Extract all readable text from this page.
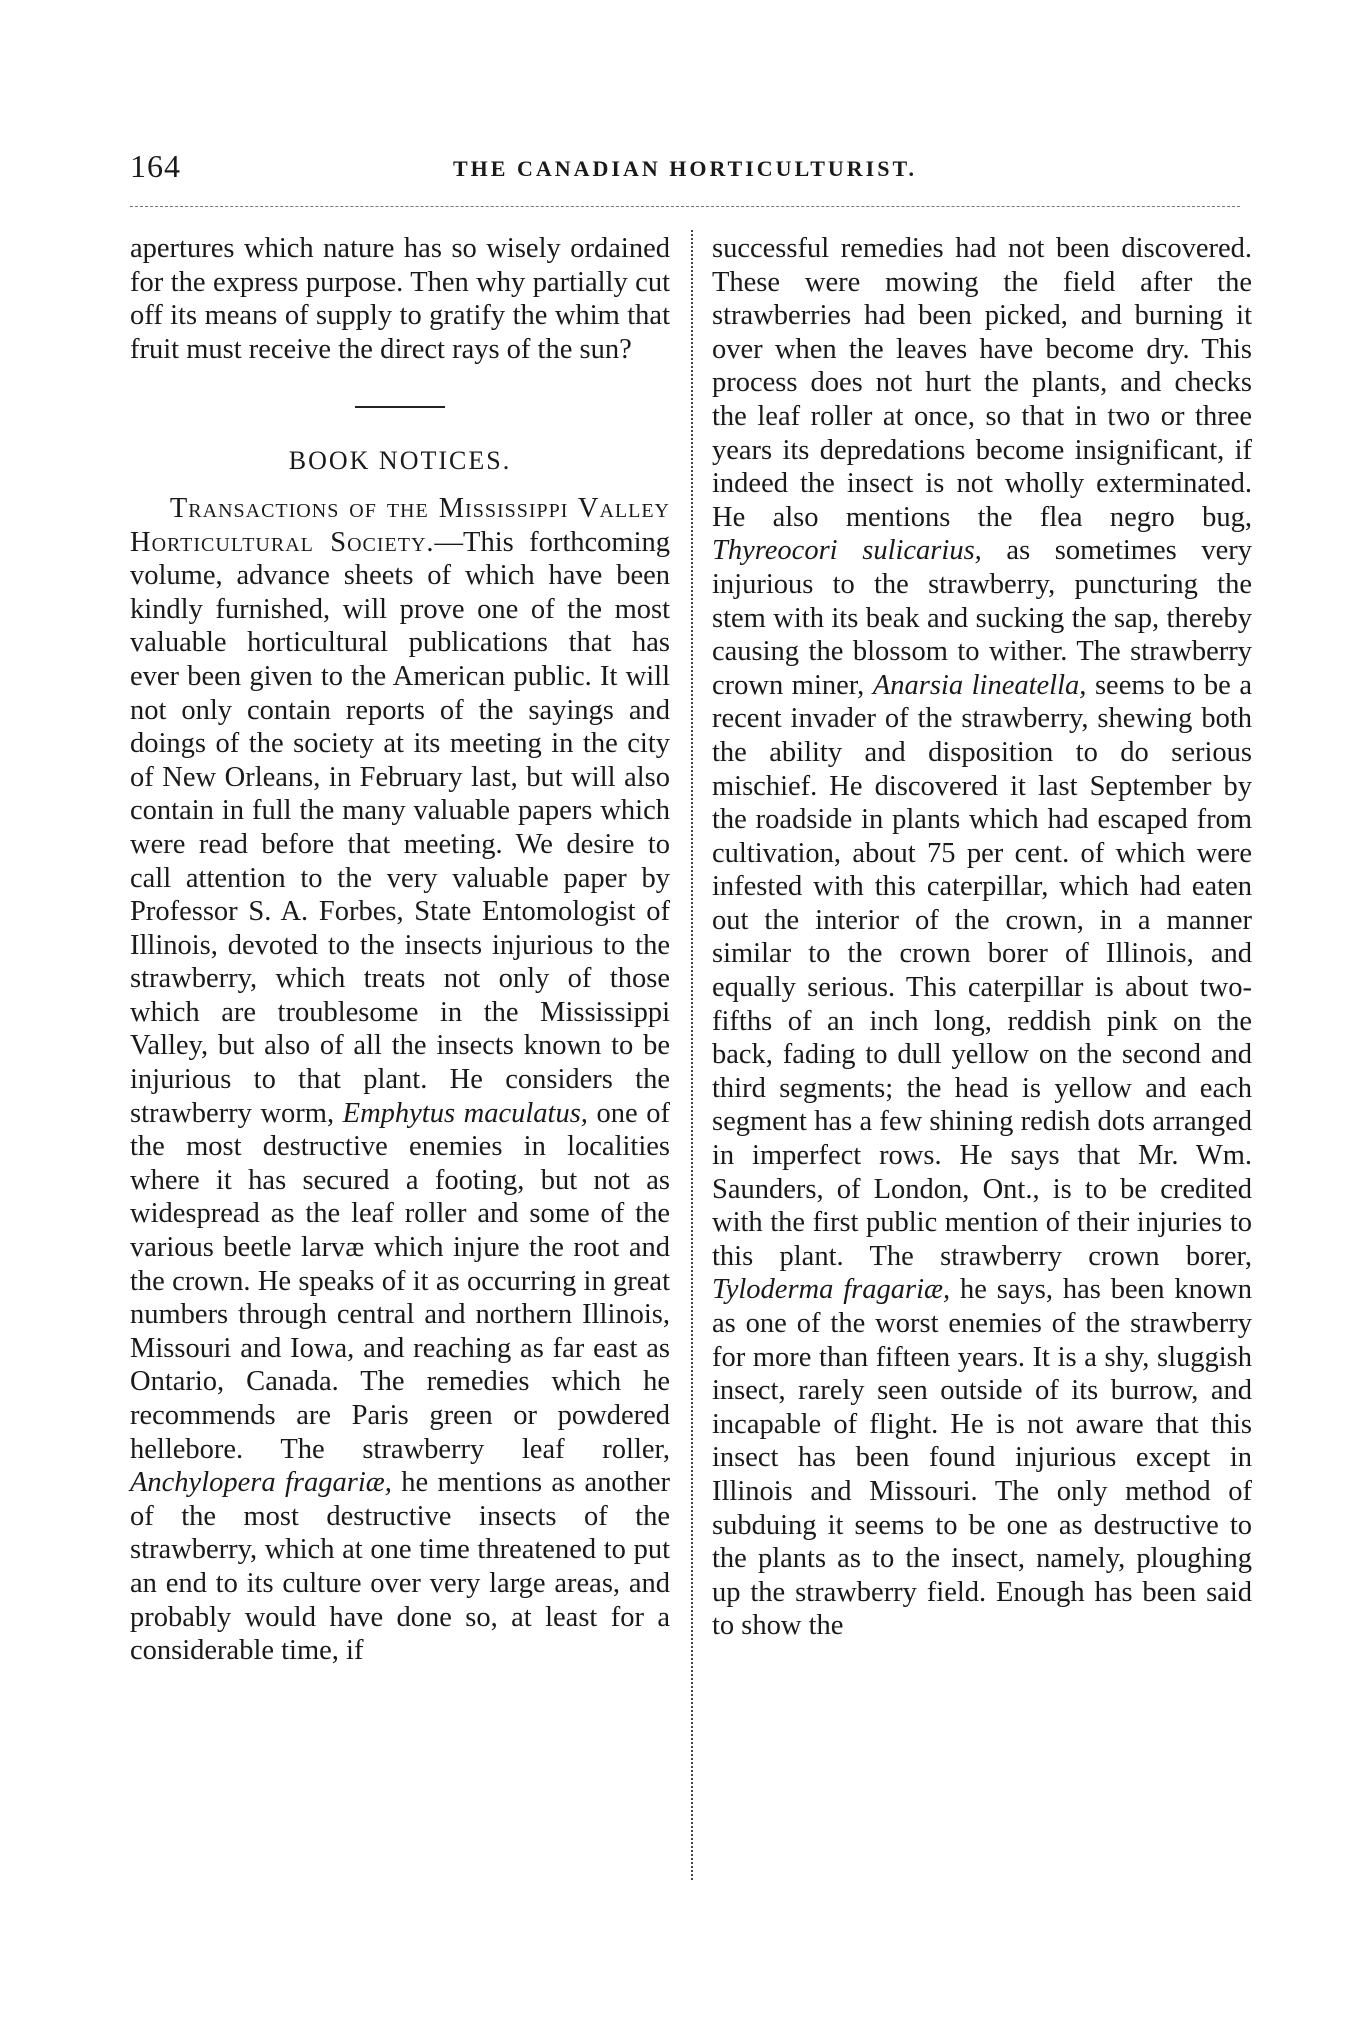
164	THE CANADIAN HORTICULTURIST.

apertures which nature has so wisely ordained for the express purpose. Then why partially cut off its means of supply to gratify the whim that fruit must receive the direct rays of the sun?

BOOK NOTICES.

Transactions of the Mississippi Valley Horticultural Society.—This forthcoming volume, advance sheets of which have been kindly furnished, will prove one of the most valuable horticultural publications that has ever been given to the American public. It will not only contain reports of the sayings and doings of the society at its meeting in the city of New Orleans, in February last, but will also contain in full the many valuable papers which were read before that meeting. We desire to call attention to the very valuable paper by Professor S. A. Forbes, State Entomologist of Illinois, devoted to the insects injurious to the strawberry, which treats not only of those which are troublesome in the Mississippi Valley, but also of all the insects known to be injurious to that plant. He considers the strawberry worm, Emphytus maculatus, one of the most destructive enemies in localities where it has secured a footing, but not as widespread as the leaf roller and some of the various beetle larvæ which injure the root and the crown. He speaks of it as occurring in great numbers through central and northern Illinois, Missouri and Iowa, and reaching as far east as Ontario, Canada. The remedies which he recommends are Paris green or powdered hellebore. The strawberry leaf roller, Anchylopera fragariæ, he mentions as another of the most destructive insects of the strawberry, which at one time threatened to put an end to its culture over very large areas, and probably would have done so, at least for a considerable time, if

successful remedies had not been discovered. These were mowing the field after the strawberries had been picked, and burning it over when the leaves have become dry. This process does not hurt the plants, and checks the leaf roller at once, so that in two or three years its depredations become insignificant, if indeed the insect is not wholly exterminated. He also mentions the flea negro bug, Thyreocori sulicarius, as sometimes very injurious to the strawberry, puncturing the stem with its beak and sucking the sap, thereby causing the blossom to wither. The strawberry crown miner, Anarsia lineatella, seems to be a recent invader of the strawberry, shewing both the ability and disposition to do serious mischief. He discovered it last September by the roadside in plants which had escaped from cultivation, about 75 per cent. of which were infested with this caterpillar, which had eaten out the interior of the crown, in a manner similar to the crown borer of Illinois, and equally serious. This caterpillar is about two-fifths of an inch long, reddish pink on the back, fading to dull yellow on the second and third segments; the head is yellow and each segment has a few shining redish dots arranged in imperfect rows. He says that Mr. Wm. Saunders, of London, Ont., is to be credited with the first public mention of their injuries to this plant. The strawberry crown borer, Tyloderma fragariæ, he says, has been known as one of the worst enemies of the strawberry for more than fifteen years. It is a shy, sluggish insect, rarely seen outside of its burrow, and incapable of flight. He is not aware that this insect has been found injurious except in Illinois and Missouri. The only method of subduing it seems to be one as destructive to the plants as to the insect, namely, ploughing up the strawberry field. Enough has been said to show the
